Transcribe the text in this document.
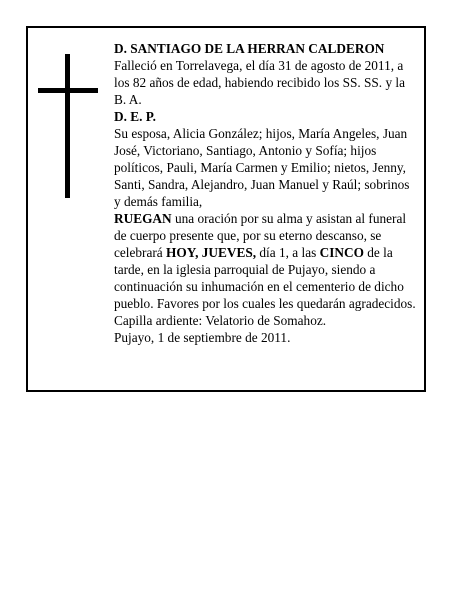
D. SANTIAGO DE LA HERRAN CALDERON

Falleció en Torrelavega, el día 31 de agosto de 2011, a los 82 años de edad, habiendo recibido los SS. SS. y la B. A.

D. E. P.

Su esposa, Alicia González; hijos, María Angeles, Juan José, Victoriano, Santiago, Antonio y Sofía; hijos políticos, Pauli, María Carmen y Emilio; nietos, Jenny, Santi, Sandra, Alejandro, Juan Manuel y Raúl; sobrinos y demás familia,

RUEGAN una oración por su alma y asistan al funeral de cuerpo presente que, por su eterno descanso, se celebrará HOY, JUEVES, día 1, a las CINCO de la tarde, en la iglesia parroquial de Pujayo, siendo a continuación su inhumación en el cementerio de dicho pueblo. Favores por los cuales les quedarán agradecidos. Capilla ardiente: Velatorio de Somahoz.

Pujayo, 1 de septiembre de 2011.
